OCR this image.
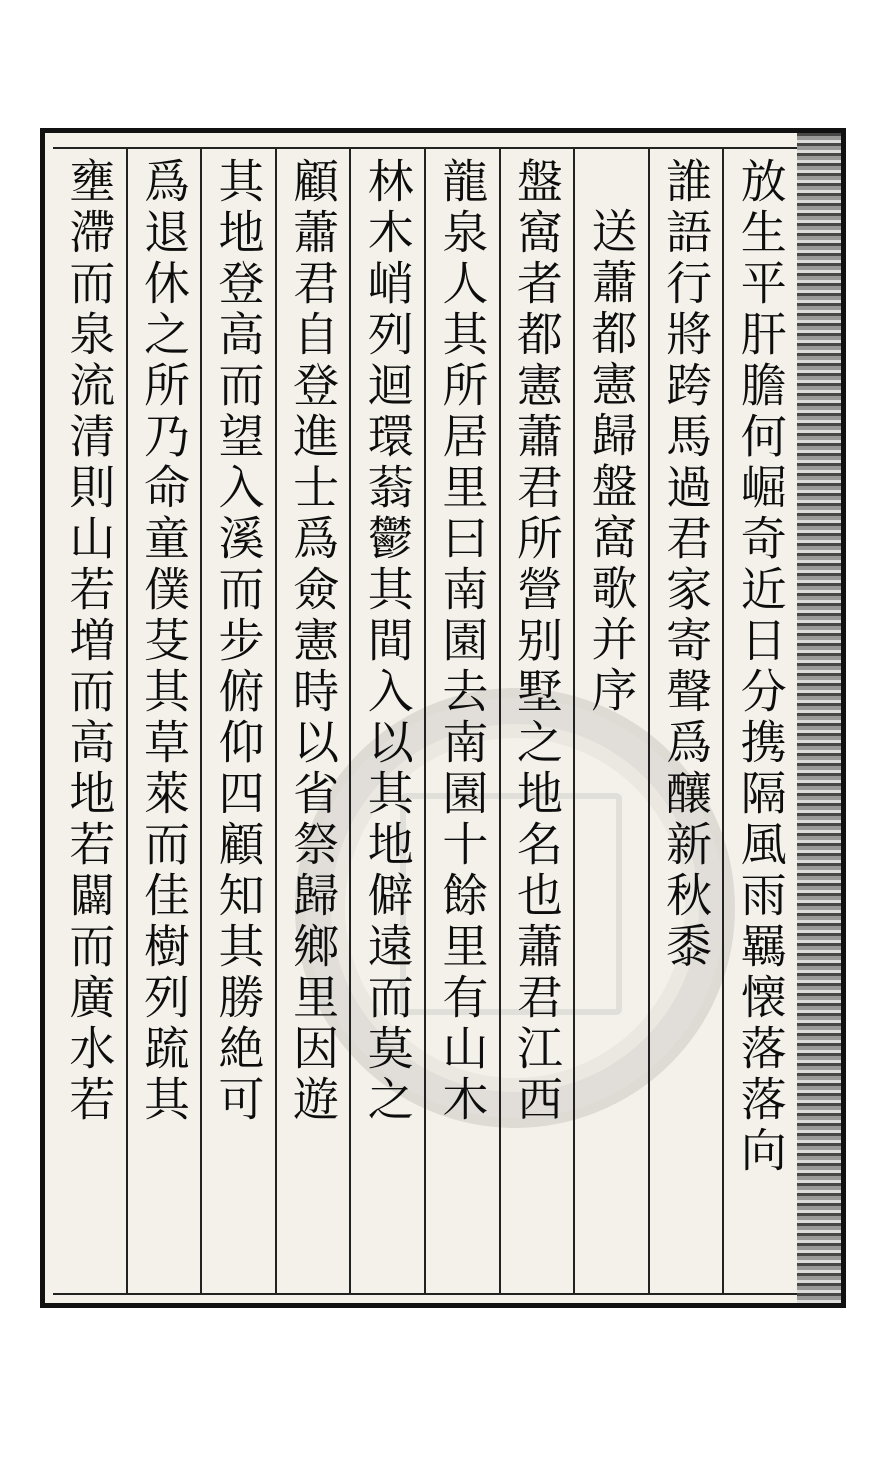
放生平肝膽何崛奇近日分携隔風雨羈懐落落向
誰語行將跨馬過君家寄聲爲釀新秋黍
送蕭都憲歸盤窩歌并序
盤窩者都憲蕭君所營别墅之地名也蕭君江西
龍泉人其所居里曰南園去南園十餘里有山木
林木峭列迴環蓊鬱其間入以其地僻遠而莫之
顧蕭君自登進士爲僉憲時以省祭歸鄉里因遊
其地登高而望入溪而步俯仰四顧知其勝絶可
爲退休之所乃命童僕芟其草萊而佳樹列䟽其
壅滯而泉流清則山若増而高地若闢而廣水若
